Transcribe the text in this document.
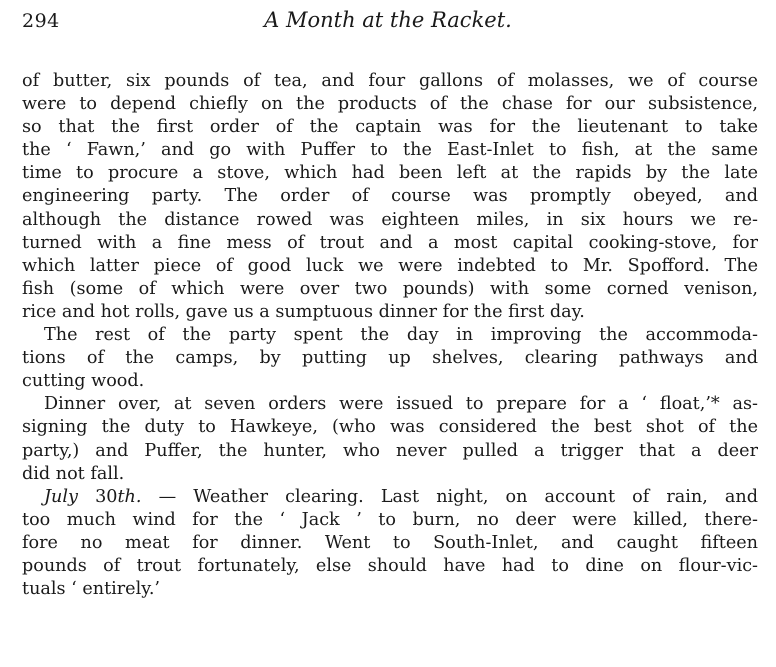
294	A Month at the Racket.
of butter, six pounds of tea, and four gallons of molasses, we of course
were to depend chiefly on the products of the chase for our subsistence,
so that the first order of the captain was for the lieutenant to take
the ‘ Fawn,’ and go with Puffer to the East-Inlet to fish, at the same
time to procure a stove, which had been left at the rapids by the late
engineering party. The order of course was promptly obeyed, and
although the distance rowed was eighteen miles, in six hours we re-
turned with a fine mess of trout and a most capital cooking-stove, for
which latter piece of good luck we were indebted to Mr. Spofford. The
fish (some of which were over two pounds) with some corned venison,
rice and hot rolls, gave us a sumptuous dinner for the first day.
The rest of the party spent the day in improving the accommoda-
tions of the camps, by putting up shelves, clearing pathways and
cutting wood.
Dinner over, at seven orders were issued to prepare for a ‘ float,’* as-
signing the duty to Hawkeye, (who was considered the best shot of the
party,) and Puffer, the hunter, who never pulled a trigger that a deer
did not fall.
July 30th. — Weather clearing. Last night, on account of rain, and
too much wind for the ‘ Jack ’ to burn, no deer were killed, there-
fore no meat for dinner. Went to South-Inlet, and caught fifteen
pounds of trout fortunately, else should have had to dine on flour-vic-
tuals ‘ entirely.’
